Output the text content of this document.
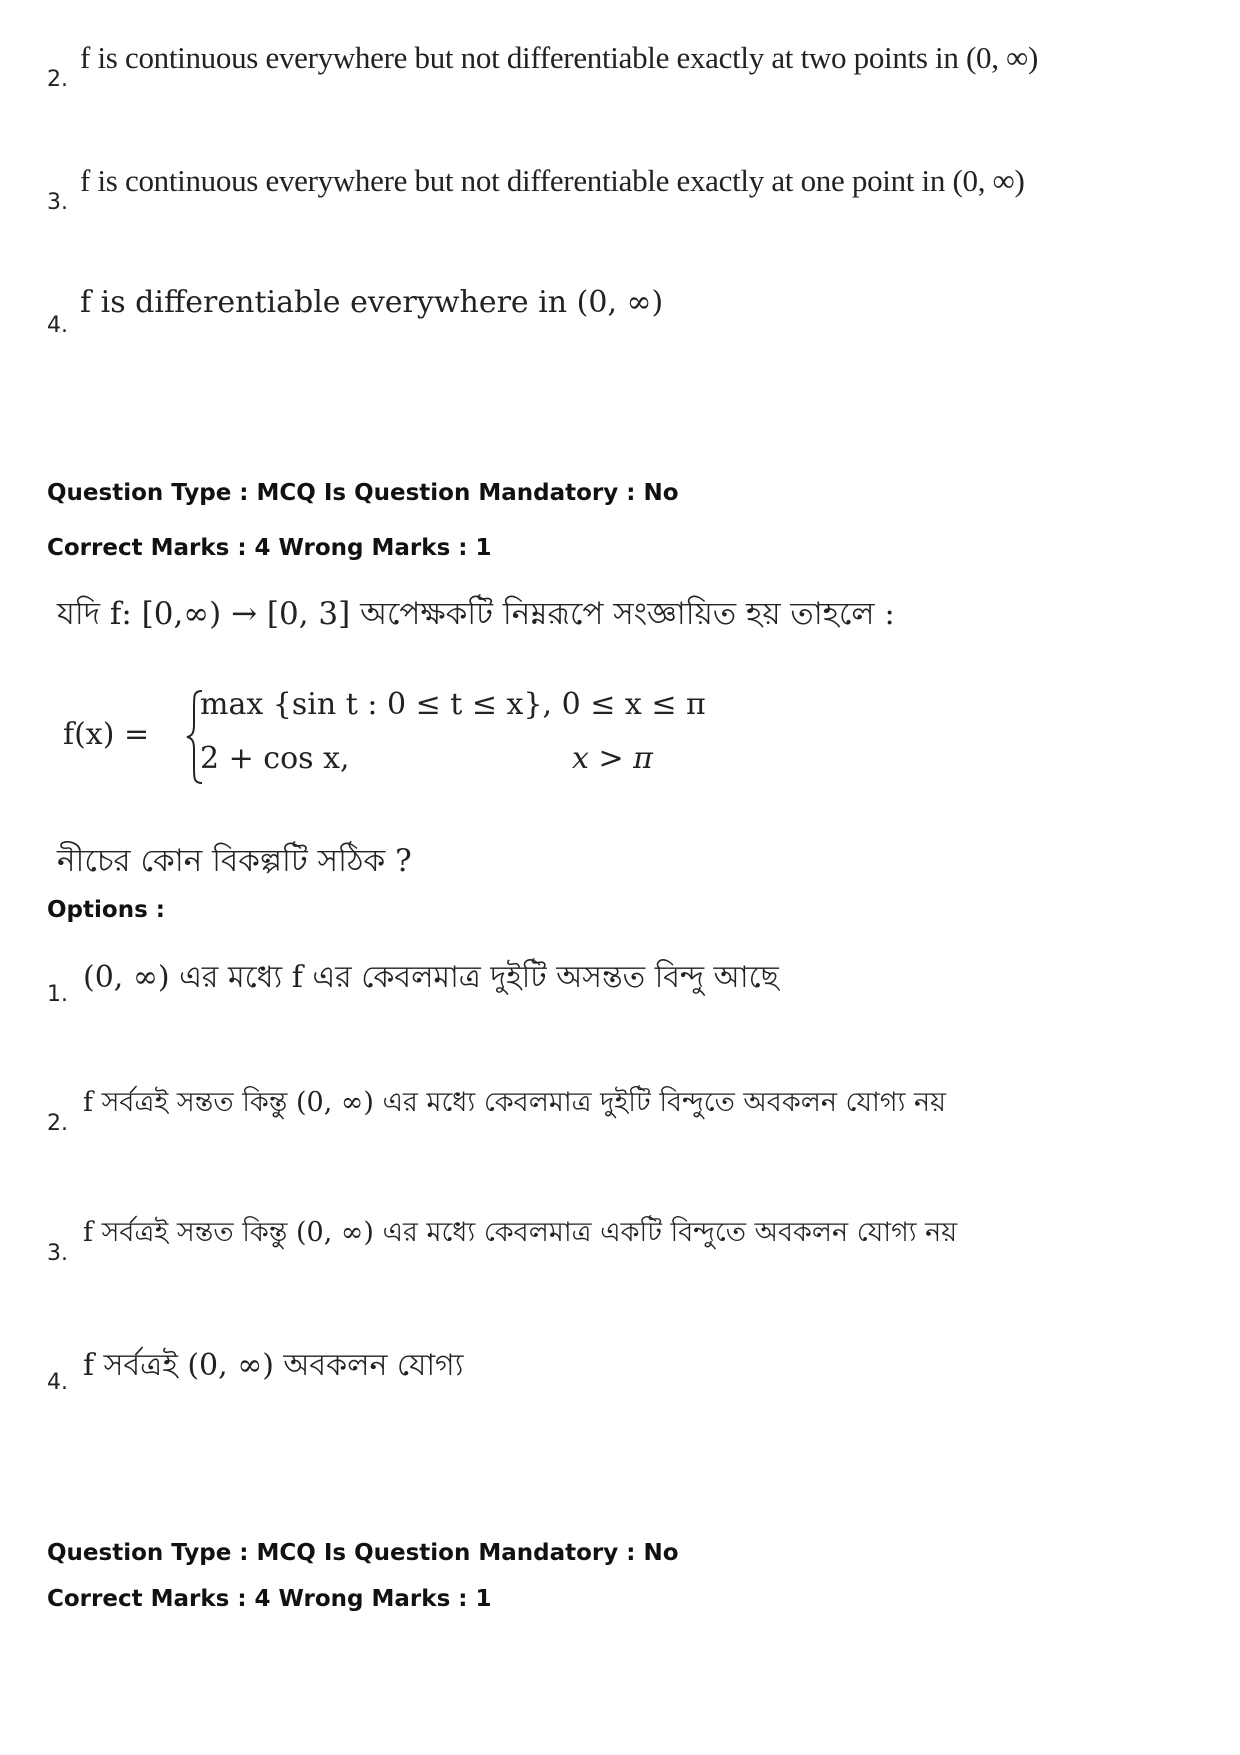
2.
f is continuous everywhere but not differentiable exactly at two points in (0, ∞)
3.
f is continuous everywhere but not differentiable exactly at one point in (0, ∞)
4.
f is differentiable everywhere in (0, ∞)
Question Type : MCQ Is Question Mandatory : No
Correct Marks : 4 Wrong Marks : 1
যদি f: [0,∞) → [0, 3] অপেক্ষকটি নিম্নরূপে সংজ্ঞায়িত হয় তাহলে :
f(x) =
max {sin t : 0 ≤ t ≤ x}, 0 ≤ x ≤ π
2 + cos x,	x > π
নীচের কোন বিকল্পটি সঠিক ?
Options :
1. (0, ∞) এর মধ্যে f এর কেবলমাত্র দুইটি অসন্তত বিন্দু আছে
2.
f সর্বত্রই সন্তত কিন্তু (0, ∞) এর মধ্যে কেবলমাত্র দুইটি বিন্দুতে অবকলন যোগ্য নয়
3.
f সর্বত্রই সন্তত কিন্তু (0, ∞) এর মধ্যে কেবলমাত্র একটি বিন্দুতে অবকলন যোগ্য নয়
4. f সর্বত্রই (0, ∞) অবকলন যোগ্য
Question Type : MCQ Is Question Mandatory : No
Correct Marks : 4 Wrong Marks : 1
